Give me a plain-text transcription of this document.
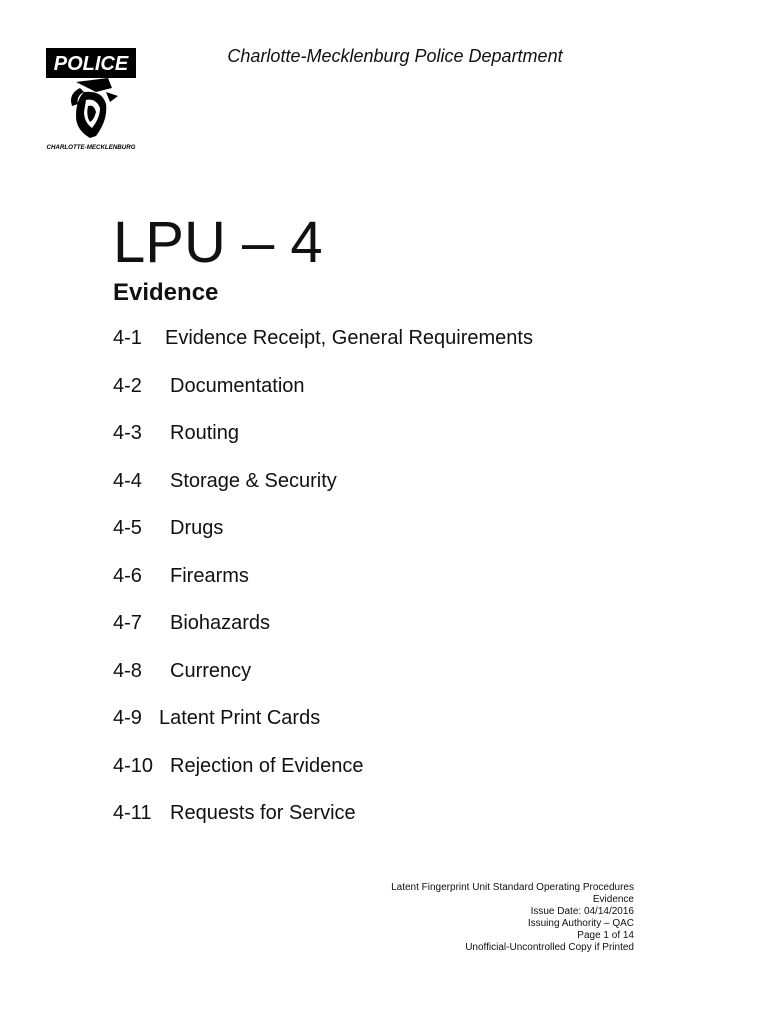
POLICE
CHARLOTTE-MECKLENBURG
Charlotte-Mecklenburg Police Department
LPU – 4
Evidence
4-1 Evidence Receipt, General Requirements
4-2 Documentation
4-3 Routing
4-4 Storage & Security
4-5 Drugs
4-6 Firearms
4-7 Biohazards
4-8 Currency
4-9 Latent Print Cards
4-10 Rejection of Evidence
4-11 Requests for Service
Latent Fingerprint Unit Standard Operating Procedures
Evidence
Issue Date: 04/14/2016
Issuing Authority – QAC
Page 1 of 14
Unofficial-Uncontrolled Copy if Printed
